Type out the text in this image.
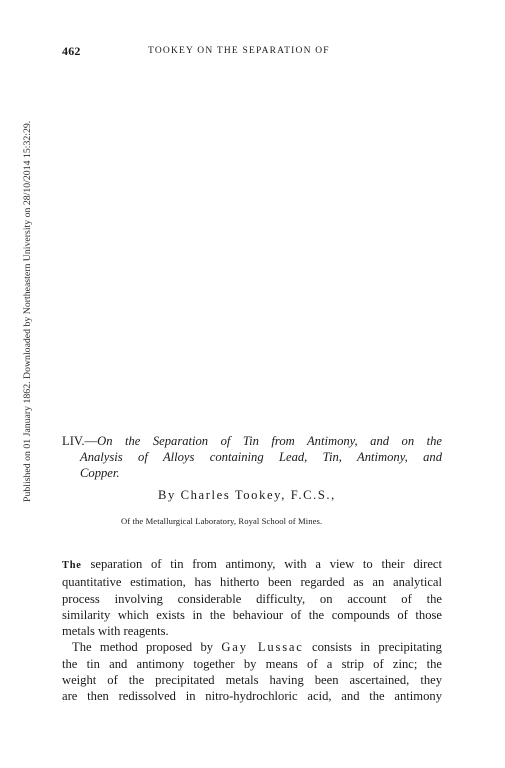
462	TOOKEY ON THE SEPARATION OF
Published on 01 January 1862. Downloaded by Northeastern University on 28/10/2014 15:32:29. LIV.—On the Separation of Tin from Antimony, and on the
Analysis of Alloys containing Lead, Tin, Antimony, and
Copper.
By Charles Tookey, F.C.S.,
Of the Metallurgical Laboratory, Royal School of Mines.
The separation of tin from antimony, with a view to their direct
quantitative estimation, has hitherto been regarded as an analytical
process involving considerable difficulty, on account of the
similarity which exists in the behaviour of the compounds of those
metals with reagents.
The method proposed by Gay Lussac consists in precipitating
the tin and antimony together by means of a strip of zinc; the
weight of the precipitated metals having been ascertained, they
are then redissolved in nitro-hydrochloric acid, and the antimony
